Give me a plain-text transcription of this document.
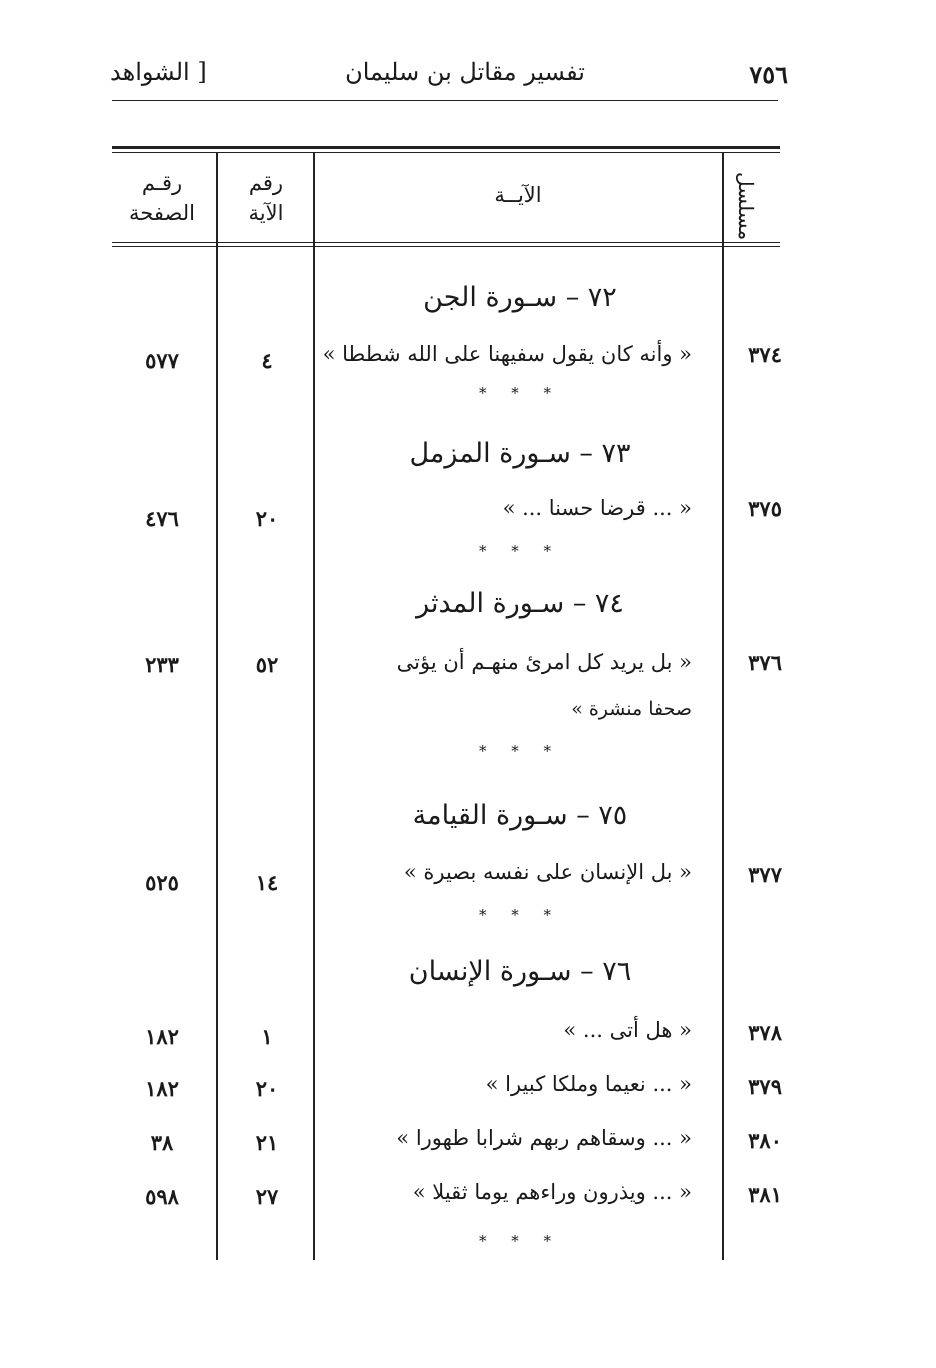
٧٥٦
تفسير مقاتل بن سليمان
[ الشواهد
رقـم
الصفحة
رقم
الآية
الآيــة	مسلسل
٧٢ – سـورة الجن
٣٧٤
« وأنه كان يقول سفيهنا على الله شططا »
٤
٥٧٧
* * *
٧٣ – سـورة المزمل
٣٧٥
« ... قرضا حسنا ... »
٢٠
٤٧٦
* * *
٧٤ – سـورة المدثر
٣٧٦
« بل يريد كل امرئ منهـم أن يؤتى
٥٢
٢٣٣
صحفا منشرة »
* * *
٧٥ – سـورة القيامة
٣٧٧
« بل الإنسان على نفسه بصيرة »
١٤
٥٢٥
* * *
٧٦ – سـورة الإنسان
٣٧٨
« هل أتى ... »
١
١٨٢
٣٧٩
« ... نعيما وملكا كبيرا »
٢٠
١٨٢
٣٨٠
« ... وسقاهم ربهم شرابا طهورا »
٢١
٣٨
٣٨١
« ... ويذرون وراءهم يوما ثقيلا »
٢٧
٥٩٨
* * *
